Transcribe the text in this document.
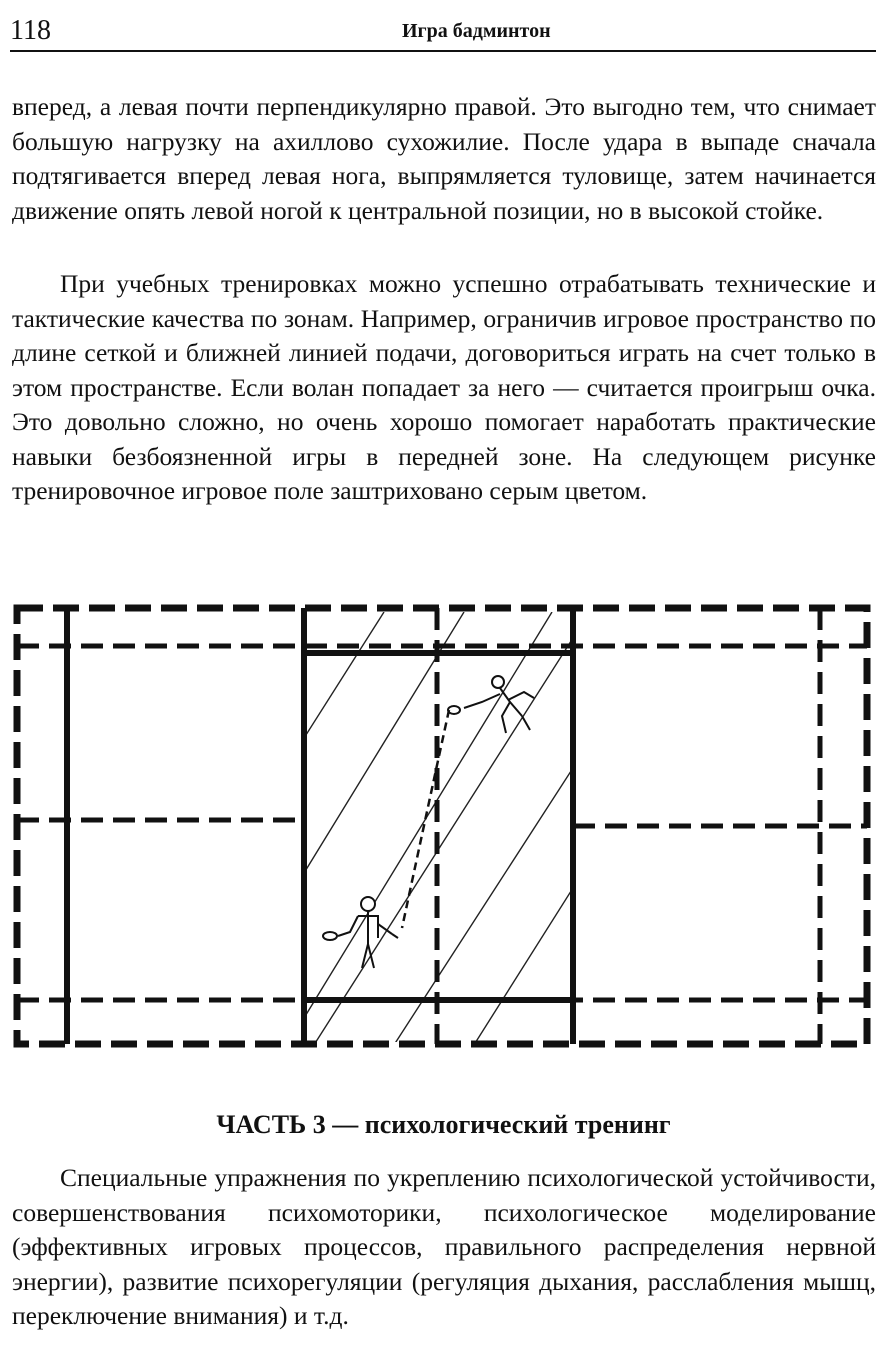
118	Игра бадминтон
вперед, а левая почти перпендикулярно правой. Это выгодно тем, что снимает большую нагрузку на ахиллово сухожилие. После удара в выпаде сначала подтягивается вперед левая нога, выпрямляется туловище, затем начинается движение опять левой ногой к центральной позиции, но в высокой стойке.
При учебных тренировках можно успешно отрабатывать технические и тактические качества по зонам. Например, ограничив игровое пространство по длине сеткой и ближней линией подачи, договориться играть на счет только в этом пространстве. Если волан попадает за него — считается проигрыш очка. Это довольно сложно, но очень хорошо помогает наработать практические навыки безбоязненной игры в передней зоне. На следующем рисунке тренировочное игровое поле заштриховано серым цветом.
ЧАСТЬ 3 — психологический тренинг
Специальные упражнения по укреплению психологической устойчивости, совершенствования психомоторики, психологическое моделирование (эффективных игровых процессов, правильного распределения нервной энергии), развитие психорегуляции (регуляция дыхания, расслабления мышц, переключение внимания) и т.д.
